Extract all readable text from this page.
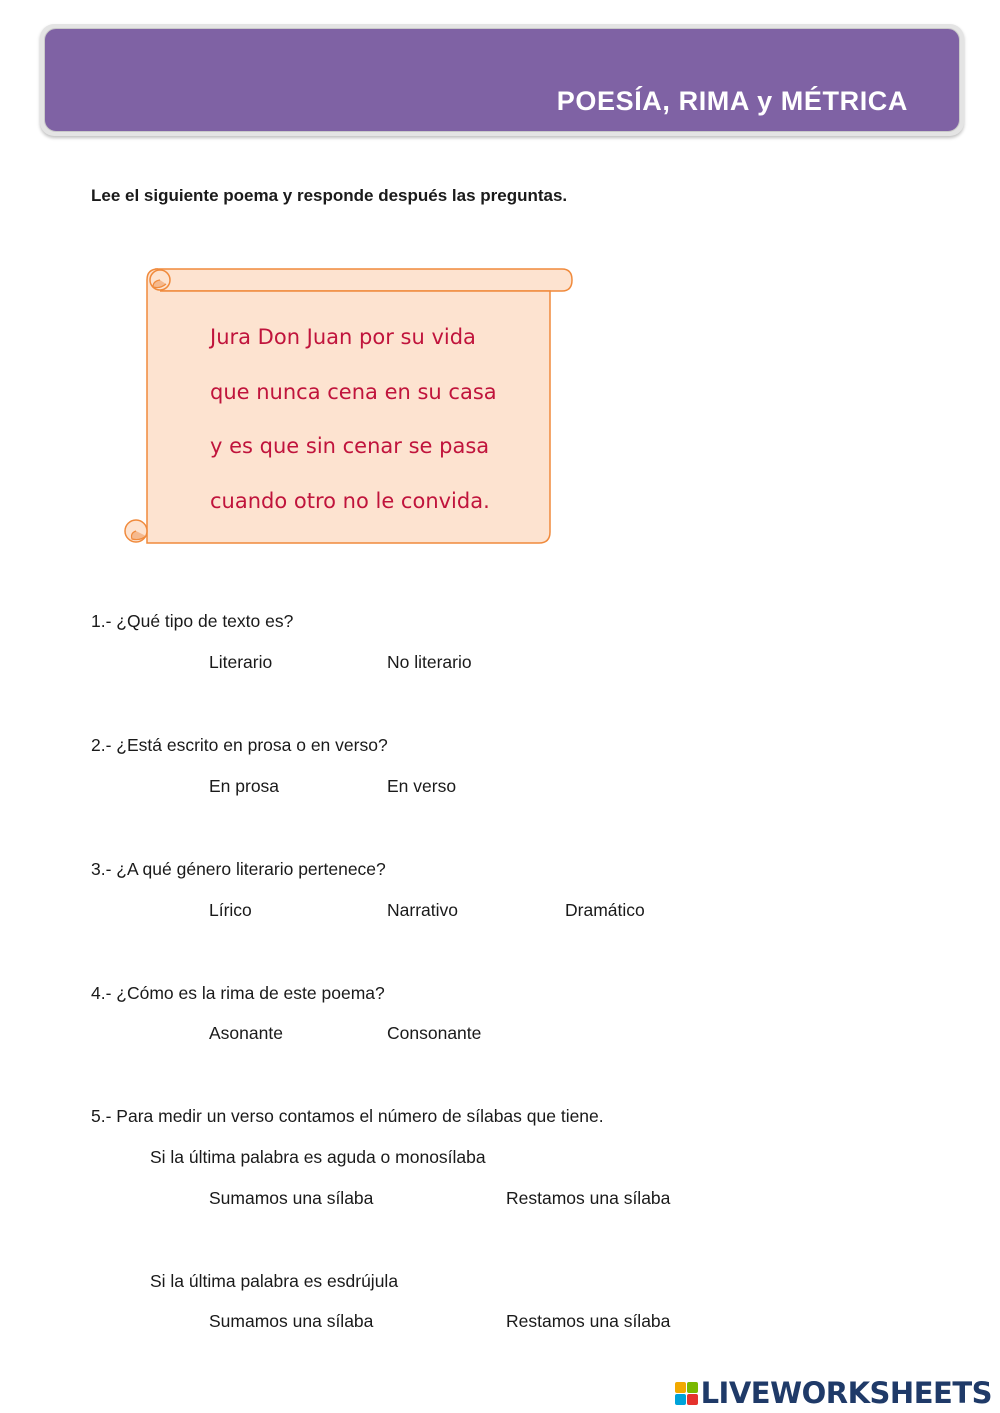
POESÍA, RIMA y MÉTRICA
Lee el siguiente poema y responde después las preguntas.
Jura Don Juan por su vida
que nunca cena en su casa
y es que sin cenar se pasa
cuando otro no le convida.
1.- ¿Qué tipo de texto es?
Literario	No literario
2.- ¿Está escrito en prosa o en verso?
En prosa	En verso
3.- ¿A qué género literario pertenece?
Lírico	Narrativo	Dramático
4.- ¿Cómo es la rima de este poema?
Asonante	Consonante
5.- Para medir un verso contamos el número de sílabas que tiene.
Si la última palabra es aguda o monosílaba
Sumamos una sílaba	Restamos una sílaba
Si la última palabra es esdrújula
Sumamos una sílaba	Restamos una sílaba
LIVEWORKSHEETS
